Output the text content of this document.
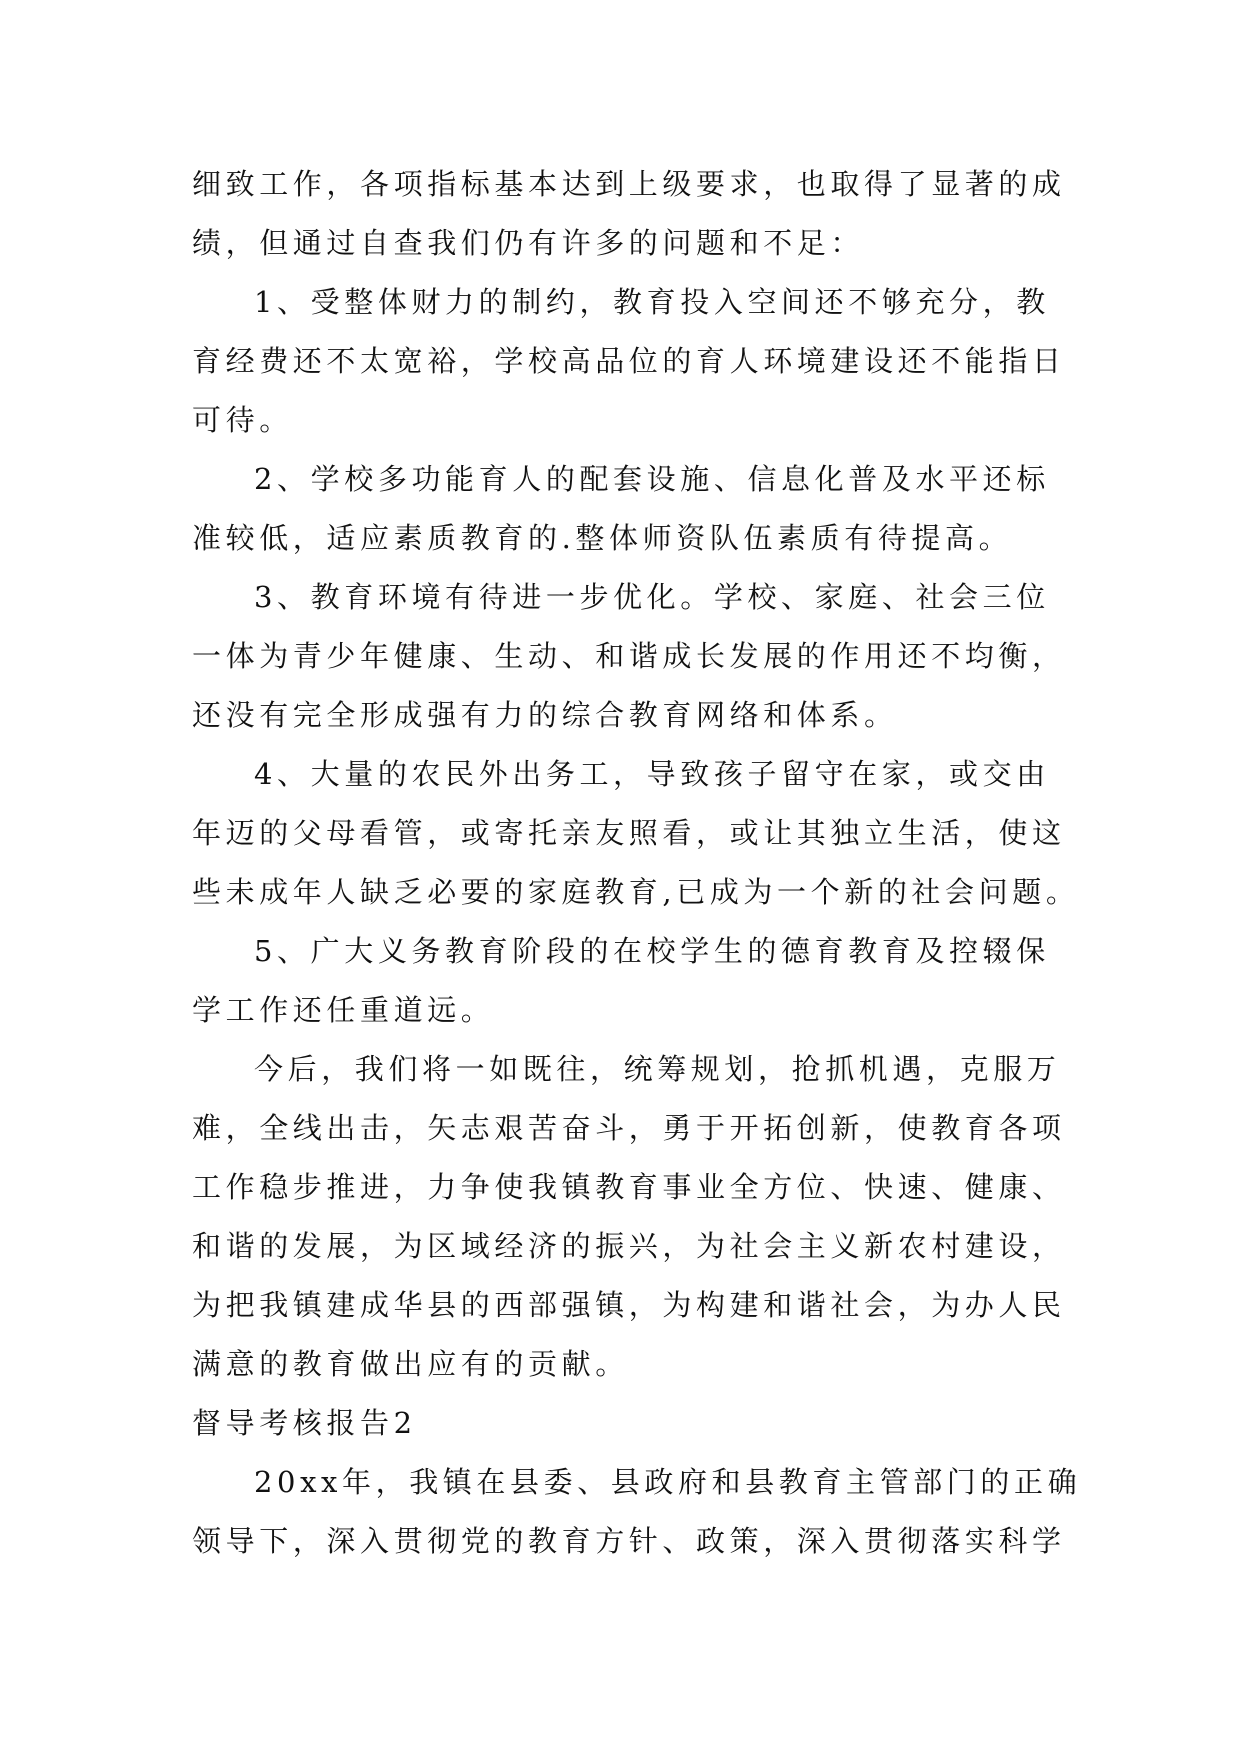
细致工作，各项指标基本达到上级要求，也取得了显著的成
绩，但通过自查我们仍有许多的问题和不足：
1、受整体财力的制约，教育投入空间还不够充分，教
育经费还不太宽裕，学校高品位的育人环境建设还不能指日
可待。
2、学校多功能育人的配套设施、信息化普及水平还标
准较低，适应素质教育的.整体师资队伍素质有待提高。
3、教育环境有待进一步优化。学校、家庭、社会三位
一体为青少年健康、生动、和谐成长发展的作用还不均衡，
还没有完全形成强有力的综合教育网络和体系。
4、大量的农民外出务工，导致孩子留守在家，或交由
年迈的父母看管，或寄托亲友照看，或让其独立生活，使这
些未成年人缺乏必要的家庭教育,已成为一个新的社会问题。
5、广大义务教育阶段的在校学生的德育教育及控辍保
学工作还任重道远。
今后，我们将一如既往，统筹规划，抢抓机遇，克服万
难，全线出击，矢志艰苦奋斗，勇于开拓创新，使教育各项
工作稳步推进，力争使我镇教育事业全方位、快速、健康、
和谐的发展，为区域经济的振兴，为社会主义新农村建设，
为把我镇建成华县的西部强镇，为构建和谐社会，为办人民
满意的教育做出应有的贡献。
督导考核报告2
20xx年，我镇在县委、县政府和县教育主管部门的正确
领导下，深入贯彻党的教育方针、政策，深入贯彻落实科学
